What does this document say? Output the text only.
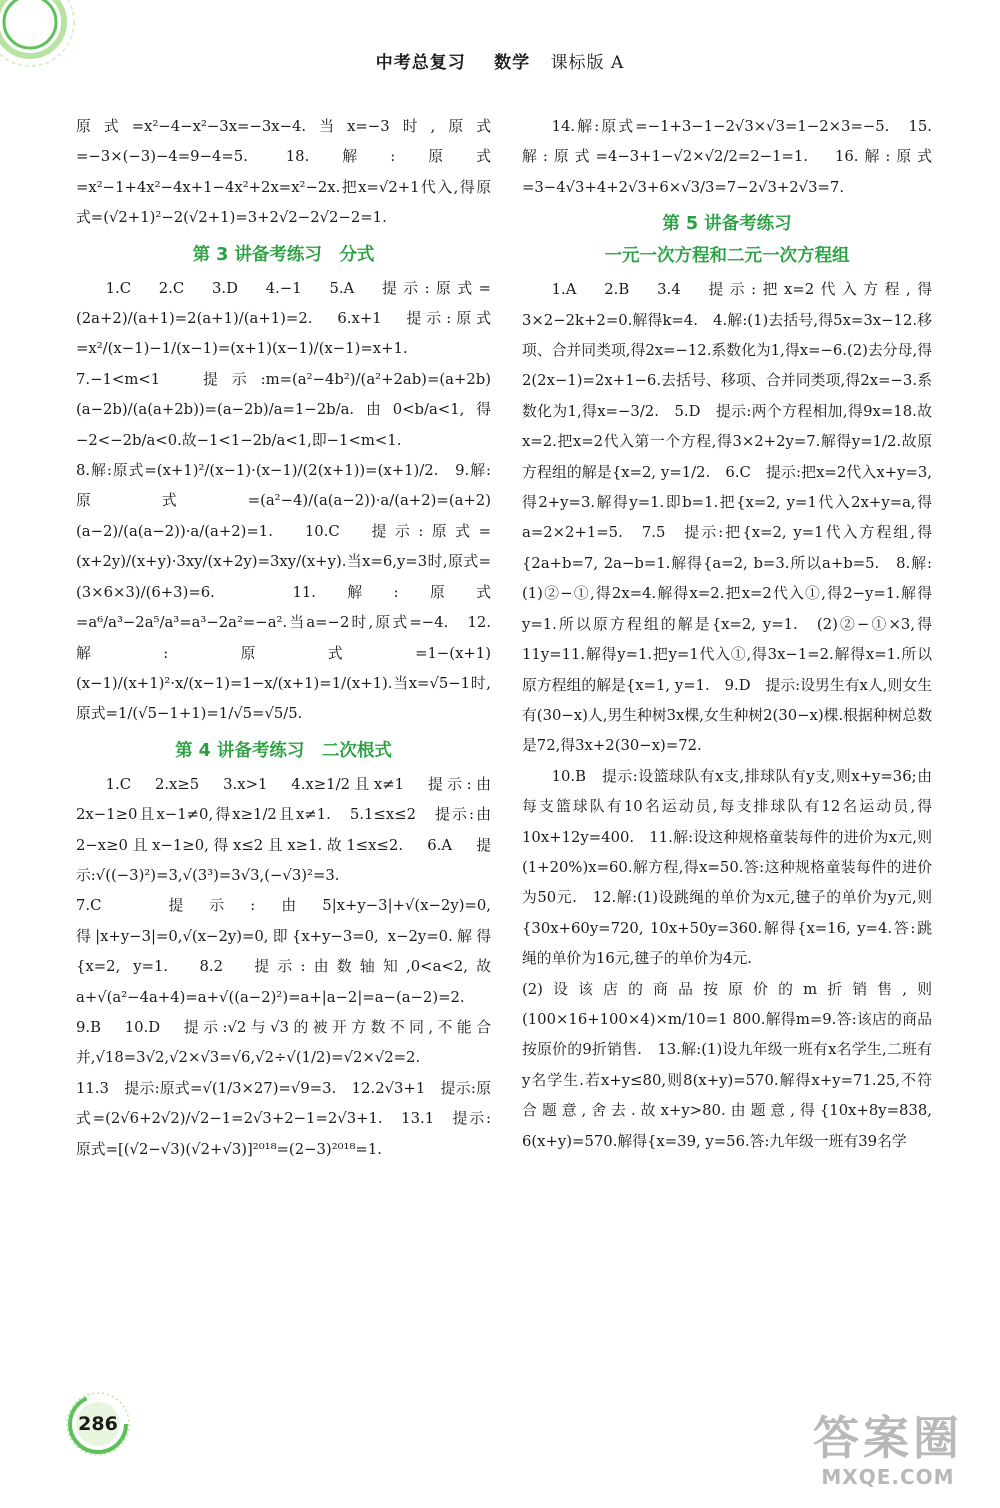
中考总复习 数学 课标版 A

原式=x²−4−x²−3x=−3x−4.当x=−3时,原式=−3×(−3)−4=9−4=5. 18.解:原式=x²−1+4x²−4x+1−4x²+2x=x²−2x.把x=√2+1代入,得原式=(√2+1)²−2(√2+1)=3+2√2−2√2−2=1.

第 3 讲备考练习　分式

1.C　2.C　3.D　4.−1　5.A　提示:原式=(2a+2)/(a+1)=2(a+1)/(a+1)=2.　6.x+1　提示:原式=x²/(x−1)−1/(x−1)=(x+1)(x−1)/(x−1)=x+1.　7.−1<m<1　提示:m=(a²−4b²)/(a²+2ab)=(a+2b)(a−2b)/(a(a+2b))=(a−2b)/a=1−2b/a.由0<b/a<1,得−2<−2b/a<0.故−1<1−2b/a<1,即−1<m<1.

8.解:原式=(x+1)²/(x−1)·(x−1)/(2(x+1))=(x+1)/2.　9.解:原式=(a²−4)/(a(a−2))·a/(a+2)=(a+2)(a−2)/(a(a−2))·a/(a+2)=1.　10.C　提示:原式=(x+2y)/(x+y)·3xy/(x+2y)=3xy/(x+y).当x=6,y=3时,原式=(3×6×3)/(6+3)=6.　11.解:原式=a⁶/a³−2a⁵/a³=a³−2a²=−a².当a=−2时,原式=−4.　12.解:原式=1−(x+1)(x−1)/(x+1)²·x/(x−1)=1−x/(x+1)=1/(x+1).当x=√5−1时,原式=1/(√5−1+1)=1/√5=√5/5.

第 4 讲备考练习　二次根式

1.C　2.x≥5　3.x>1　4.x≥1/2且x≠1　提示:由2x−1≥0且x−1≠0,得x≥1/2且x≠1.　5.1≤x≤2　提示:由2−x≥0且x−1≥0,得x≤2且x≥1.故1≤x≤2.　6.A　提示:√((−3)²)=3,√(3³)=3√3,(−√3)²=3.

7.C　提示:由5|x+y−3|+√(x−2y)=0,得|x+y−3|=0,√(x−2y)=0,即{x+y−3=0, x−2y=0.解得{x=2, y=1.　8.2　提示:由数轴知,0<a<2,故a+√(a²−4a+4)=a+√((a−2)²)=a+|a−2|=a−(a−2)=2.　9.B　10.D　提示:√2与√3的被开方数不同,不能合并,√18=3√2,√2×√3=√6,√2÷√(1/2)=√2×√2=2.

11.3　提示:原式=√(1/3×27)=√9=3.　12.2√3+1　提示:原式=(2√6+2√2)/√2−1=2√3+2−1=2√3+1.　13.1　提示:原式=[(√2−√3)(√2+√3)]²⁰¹⁸=(2−3)²⁰¹⁸=1.

14.解:原式=−1+3−1−2√3×√3=1−2×3=−5.　15.解:原式=4−3+1−√2×√2/2=2−1=1.　16.解:原式=3−4√3+4+2√3+6×√3/3=7−2√3+2√3=7.

第 5 讲备考练习
一元一次方程和二元一次方程组

1.A　2.B　3.4　提示:把x=2代入方程,得3×2−2k+2=0.解得k=4.　4.解:(1)去括号,得5x=3x−12.移项、合并同类项,得2x=−12.系数化为1,得x=−6.(2)去分母,得2(2x−1)=2x+1−6.去括号、移项、合并同类项,得2x=−3.系数化为1,得x=−3/2.　5.D　提示:两个方程相加,得9x=18.故x=2.把x=2代入第一个方程,得3×2+2y=7.解得y=1/2.故原方程组的解是{x=2, y=1/2.　6.C　提示:把x=2代入x+y=3,得2+y=3.解得y=1.即b=1.把{x=2, y=1代入2x+y=a,得a=2×2+1=5.　7.5　提示:把{x=2, y=1代入方程组,得{2a+b=7, 2a−b=1.解得{a=2, b=3.所以a+b=5.　8.解:(1)②−①,得2x=4.解得x=2.把x=2代入①,得2−y=1.解得y=1.所以原方程组的解是{x=2, y=1.　(2)②−①×3,得11y=11.解得y=1.把y=1代入①,得3x−1=2.解得x=1.所以原方程组的解是{x=1, y=1.　9.D　提示:设男生有x人,则女生有(30−x)人,男生种树3x棵,女生种树2(30−x)棵.根据种树总数是72,得3x+2(30−x)=72.

10.B　提示:设篮球队有x支,排球队有y支,则x+y=36;由每支篮球队有10名运动员,每支排球队有12名运动员,得10x+12y=400.　11.解:设这种规格童装每件的进价为x元,则(1+20%)x=60.解方程,得x=50.答:这种规格童装每件的进价为50元.　12.解:(1)设跳绳的单价为x元,毽子的单价为y元,则{30x+60y=720, 10x+50y=360.解得{x=16, y=4.答:跳绳的单价为16元,毽子的单价为4元.

(2)设该店的商品按原价的m折销售,则(100×16+100×4)×m/10=1 800.解得m=9.答:该店的商品按原价的9折销售.　13.解:(1)设九年级一班有x名学生,二班有y名学生.若x+y≤80,则8(x+y)=570.解得x+y=71.25,不符合题意,舍去.故x+y>80.由题意,得{10x+8y=838, 6(x+y)=570.解得{x=39, y=56.答:九年级一班有39名学

286	答案圈
MXQE.COM
